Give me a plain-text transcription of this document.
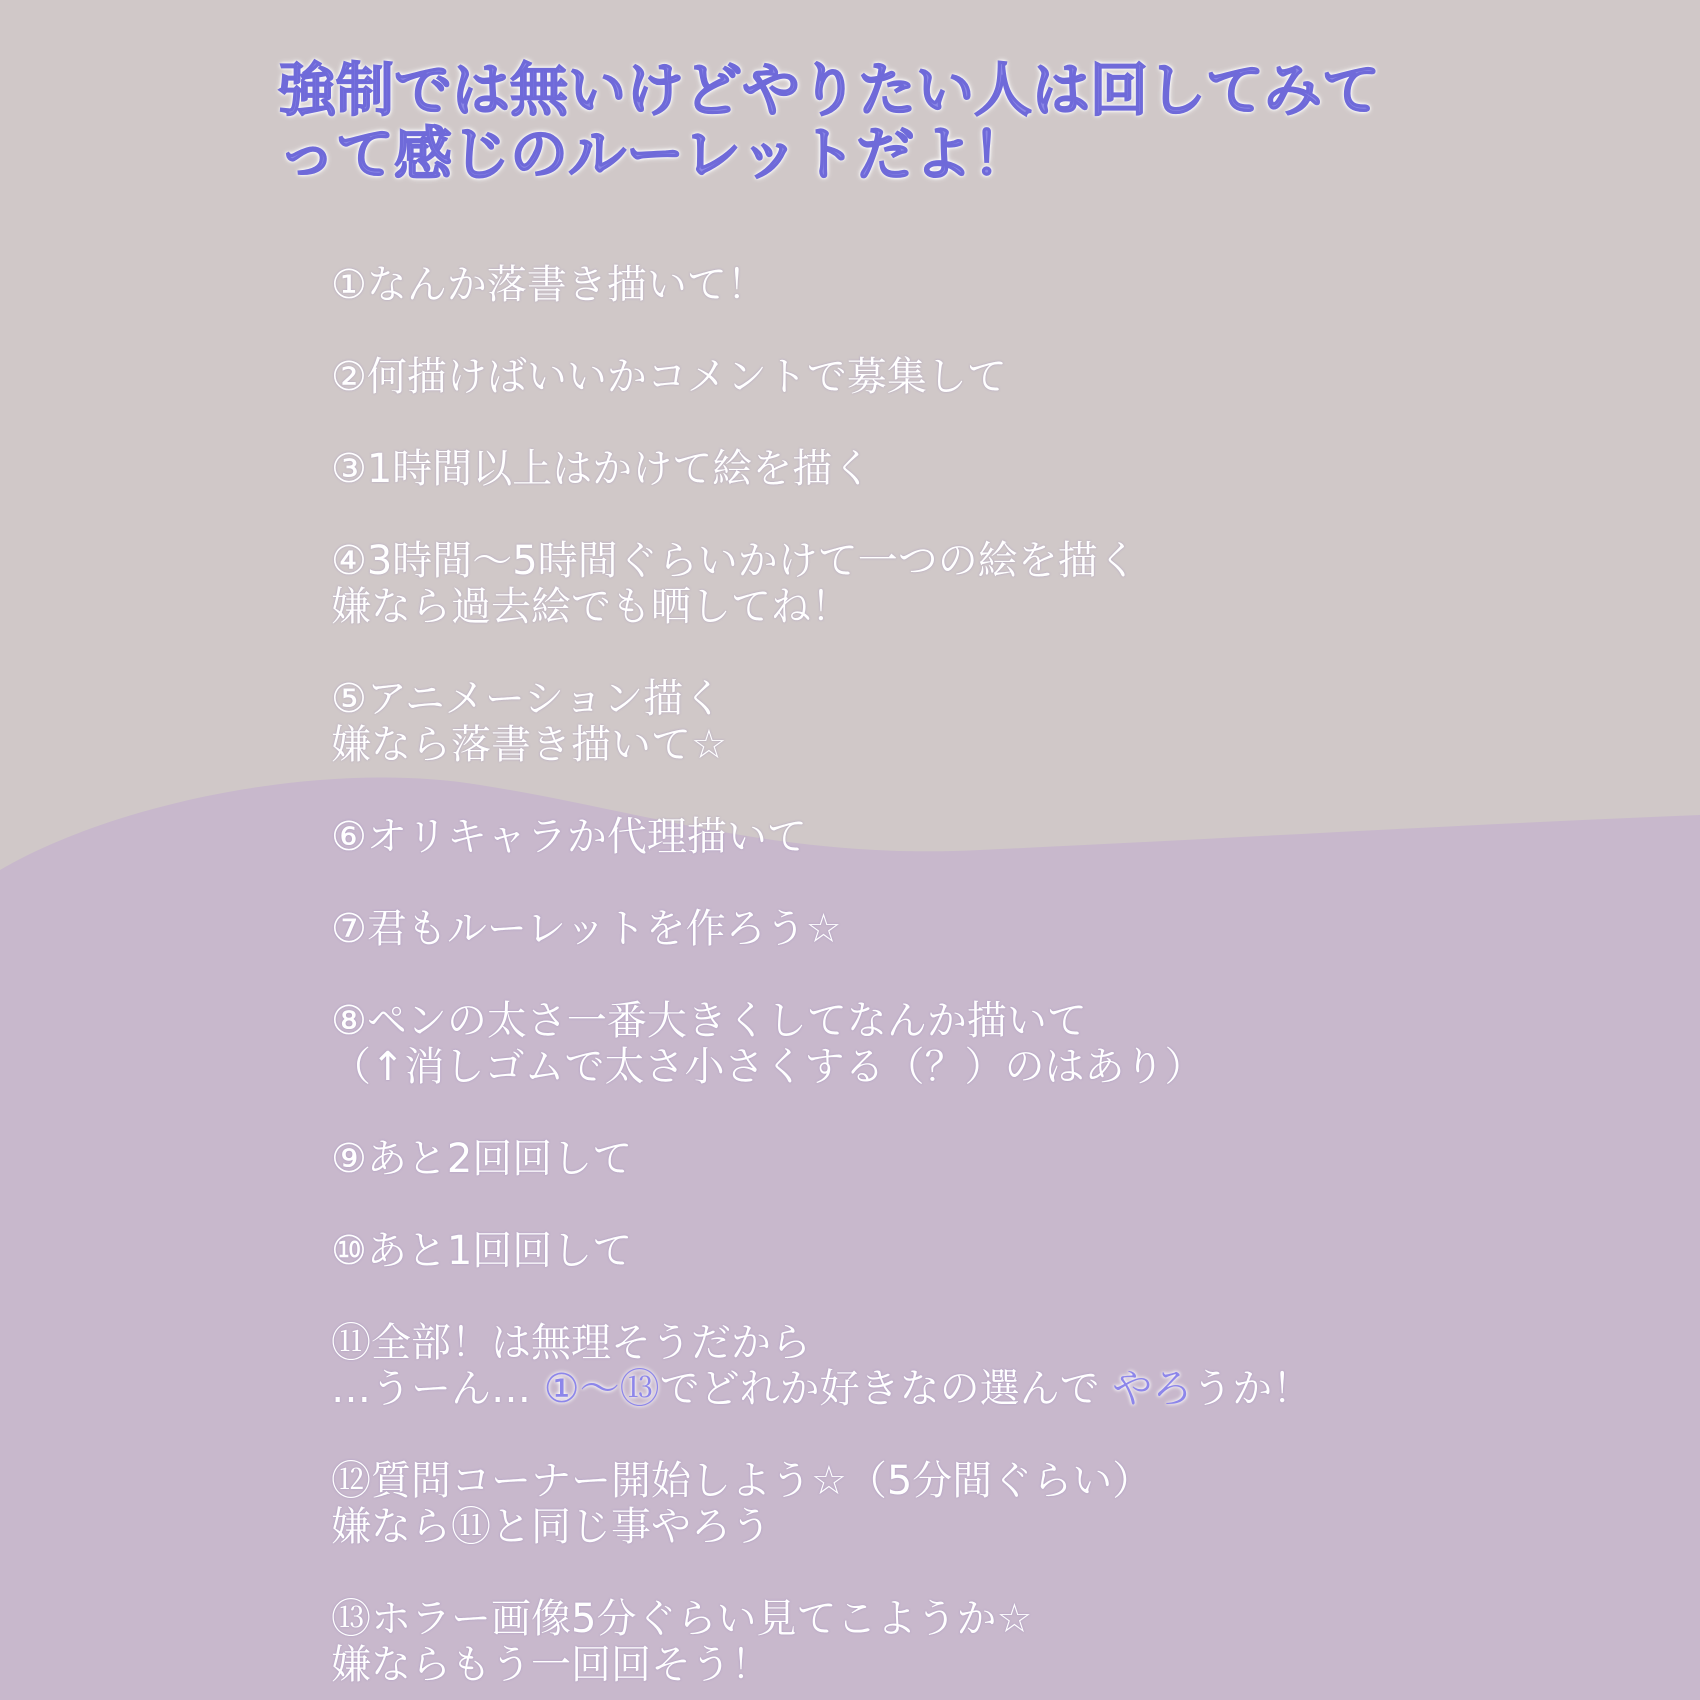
強制では無いけどやりたい人は回してみて
って感じのルーレットだよ！
①なんか落書き描いて！
②何描けばいいかコメントで募集して
③1時間以上はかけて絵を描く
④3時間〜5時間ぐらいかけて一つの絵を描く
嫌なら過去絵でも晒してね！
⑤アニメーション描く
嫌なら落書き描いて☆
⑥オリキャラか代理描いて
⑦君もルーレットを作ろう☆
⑧ペンの太さ一番大きくしてなんか描いて
（↑消しゴムで太さ小さくする（？）のはあり）
⑨あと2回回して
⑩あと1回回して
⑪全部！は無理そうだから
…うーん… ①〜⑬でどれか好きなの選んで やろうか！
⑫質問コーナー開始しよう☆（5分間ぐらい）
嫌なら⑪と同じ事やろう
⑬ホラー画像5分ぐらい見てこようか☆
嫌ならもう一回回そう！
